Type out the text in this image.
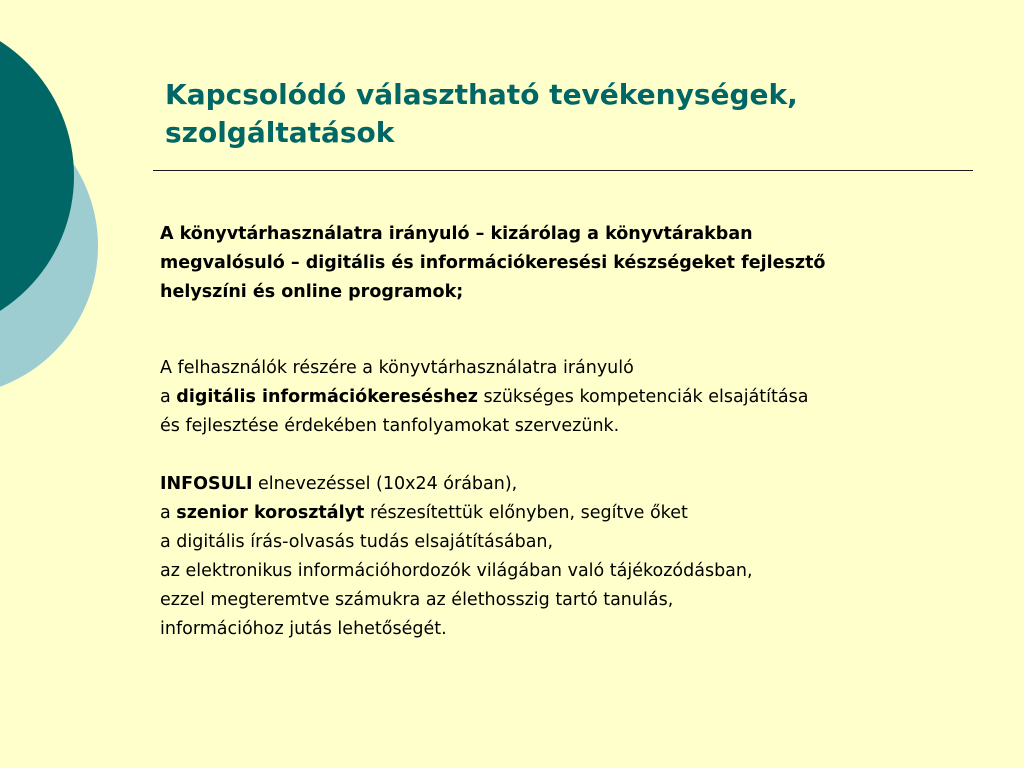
Kapcsolódó választható tevékenységek,
szolgáltatások

A könyvtárhasználatra irányuló – kizárólag a könyvtárakban
megvalósuló – digitális és információkeresési készségeket fejlesztő
helyszíni és online programok;

A felhasználók részére a könyvtárhasználatra irányuló
a digitális információkereséshez szükséges kompetenciák elsajátítása
és fejlesztése érdekében tanfolyamokat szervezünk.

INFOSULI elnevezéssel (10x24 órában),
a szenior korosztályt részesítettük előnyben, segítve őket
a digitális írás-olvasás tudás elsajátításában,
az elektronikus információhordozók világában való tájékozódásban,
ezzel megteremtve számukra az élethosszig tartó tanulás,
információhoz jutás lehetőségét.
